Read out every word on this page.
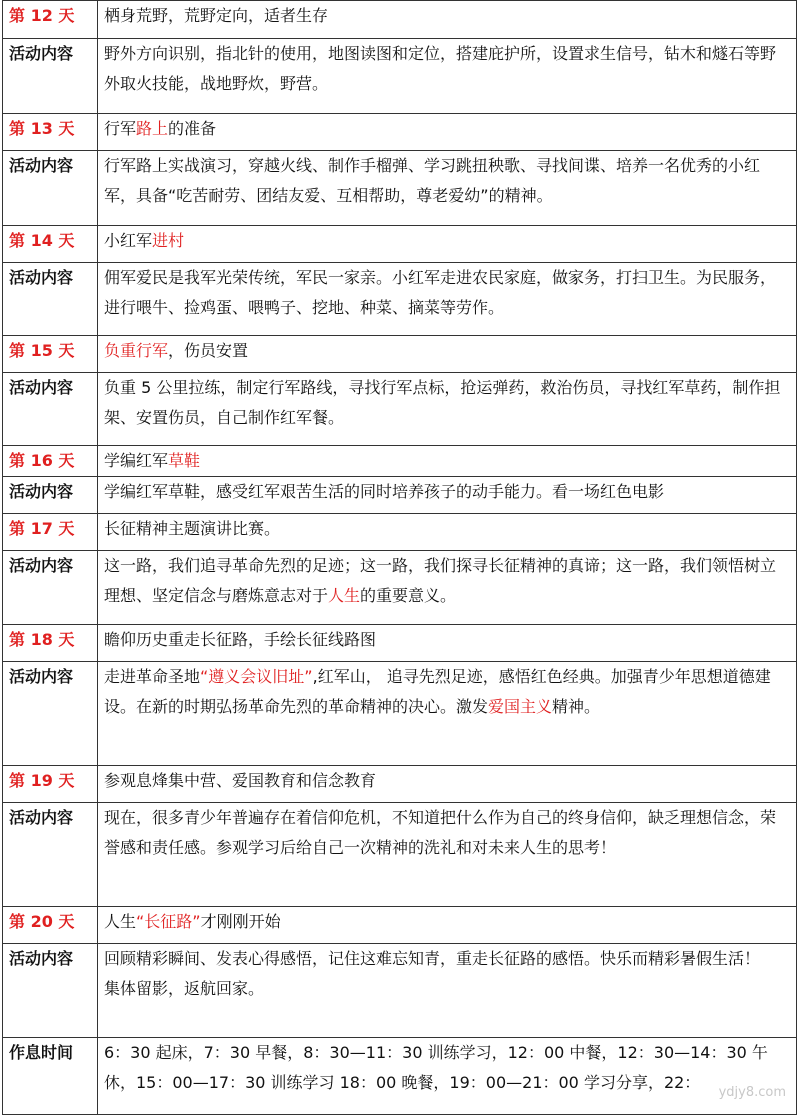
第 12 天	栖身荒野，荒野定向，适者生存
活动内容	野外方向识别，指北针的使用，地图读图和定位，搭建庇护所，设置求生信号，钻木和燧石等野外取火技能，战地野炊，野营。
第 13 天	行军路上的准备
活动内容	行军路上实战演习，穿越火线、制作手榴弹、学习跳扭秧歌、寻找间谍、培养一名优秀的小红军，具备“吃苦耐劳、团结友爱、互相帮助，尊老爱幼”的精神。
第 14 天	小红军进村
活动内容	佣军爱民是我军光荣传统，军民一家亲。小红军走进农民家庭，做家务，打扫卫生。为民服务，进行喂牛、捡鸡蛋、喂鸭子、挖地、种菜、摘菜等劳作。
第 15 天	负重行军，伤员安置
活动内容	负重 5 公里拉练，制定行军路线，寻找行军点标，抢运弹药，救治伤员，寻找红军草药，制作担架、安置伤员，自己制作红军餐。
第 16 天	学编红军草鞋
活动内容	学编红军草鞋，感受红军艰苦生活的同时培养孩子的动手能力。看一场红色电影
第 17 天	长征精神主题演讲比赛。
活动内容	这一路，我们追寻革命先烈的足迹；这一路，我们探寻长征精神的真谛；这一路，我们领悟树立理想、坚定信念与磨炼意志对于人生的重要意义。
第 18 天	瞻仰历史重走长征路，手绘长征线路图
活动内容	走进革命圣地“遵义会议旧址”,红军山， 追寻先烈足迹，感悟红色经典。加强青少年思想道德建设。在新的时期弘扬革命先烈的革命精神的决心。激发爱国主义精神。
第 19 天	参观息烽集中营、爱国教育和信念教育
活动内容	现在，很多青少年普遍存在着信仰危机，不知道把什么作为自己的终身信仰，缺乏理想信念，荣誉感和责任感。参观学习后给自己一次精神的洗礼和对未来人生的思考！
第 20 天	人生“长征路”才刚刚开始
活动内容	回顾精彩瞬间、发表心得感悟，记住这难忘知青，重走长征路的感悟。快乐而精彩暑假生活！
集体留影，返航回家。
作息时间	6：30 起床，7：30 早餐，8：30—11：30 训练学习，12：00 中餐，12：30—14：30 午休，15：00—17：30 训练学习 18：00 晚餐，19：00—21：00 学习分享，22：
ydjy8.com
